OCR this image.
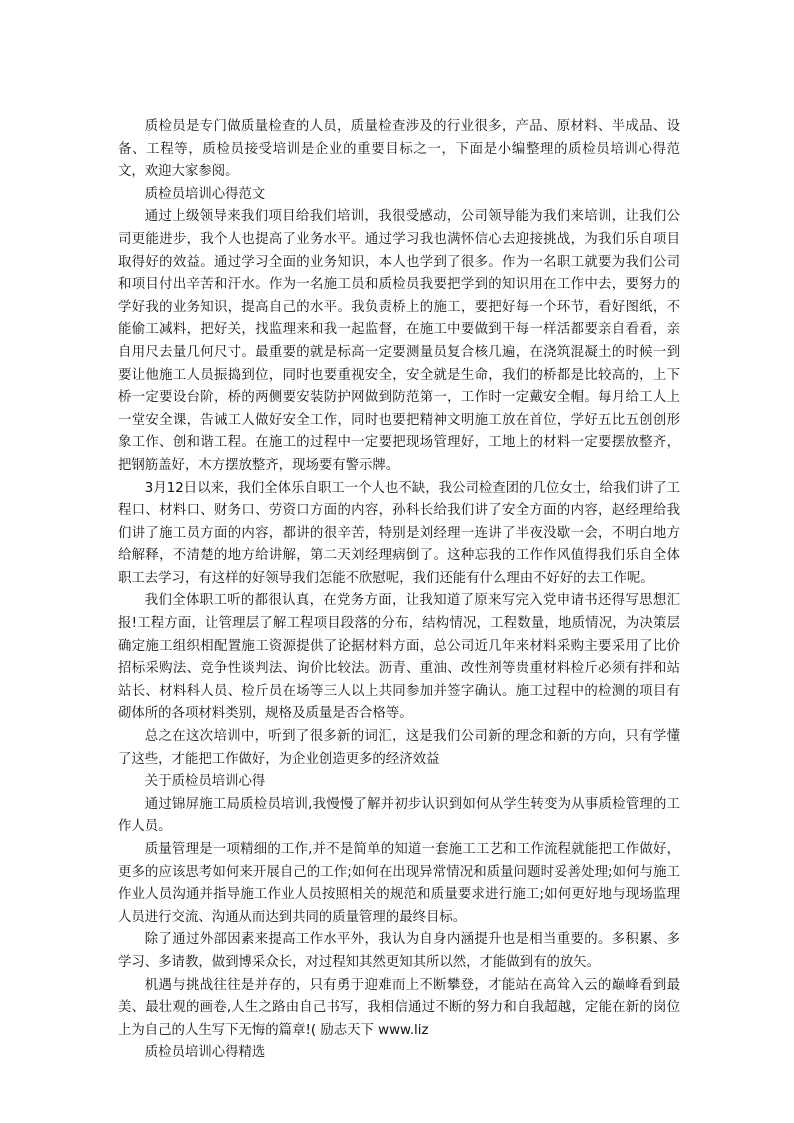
质检员是专门做质量检查的人员，质量检查涉及的行业很多，产品、原材料、半成品、设备、工程等，质检员接受培训是企业的重要目标之一，下面是小编整理的质检员培训心得范文，欢迎大家参阅。

质检员培训心得范文

通过上级领导来我们项目给我们培训，我很受感动，公司领导能为我们来培训，让我们公司更能进步，我个人也提高了业务水平。通过学习我也满怀信心去迎接挑战，为我们乐自项目取得好的效益。通过学习全面的业务知识，本人也学到了很多。作为一名职工就要为我们公司和项目付出辛苦和汗水。作为一名施工员和质检员我要把学到的知识用在工作中去，要努力的学好我的业务知识，提高自己的水平。我负责桥上的施工，要把好每一个环节，看好图纸，不能偷工减料，把好关，找监理来和我一起监督，在施工中要做到干每一样活都要亲自看看，亲自用尺去量几何尺寸。最重要的就是标高一定要测量员复合核几遍，在浇筑混凝土的时候一到要让他施工人员振捣到位，同时也要重视安全，安全就是生命，我们的桥都是比较高的，上下桥一定要设台阶，桥的两侧要安装防护网做到防范第一，工作时一定戴安全帽。每月给工人上一堂安全课，告诫工人做好安全工作，同时也要把精神文明施工放在首位，学好五比五创创形象工作、创和谐工程。在施工的过程中一定要把现场管理好，工地上的材料一定要摆放整齐，把钢筋盖好，木方摆放整齐，现场要有警示牌。

3月12日以来，我们全体乐自职工一个人也不缺，我公司检查团的几位女士，给我们讲了工程口、材料口、财务口、劳资口方面的内容，孙科长给我们讲了安全方面的内容，赵经理给我们讲了施工员方面的内容，都讲的很辛苦，特别是刘经理一连讲了半夜没歇一会，不明白地方给解释，不清楚的地方给讲解，第二天刘经理病倒了。这种忘我的工作作风值得我们乐自全体职工去学习，有这样的好领导我们怎能不欣慰呢，我们还能有什么理由不好好的去工作呢。

我们全体职工听的都很认真，在党务方面，让我知道了原来写完入党申请书还得写思想汇报!工程方面，让管理层了解工程项目段落的分布，结构情况，工程数量，地质情况，为决策层确定施工组织相配置施工资源提供了论据材料方面，总公司近几年来材料采购主要采用了比价招标采购法、竞争性谈判法、询价比较法。沥青、重油、改性剂等贵重材料检斤必须有拌和站站长、材料科人员、检斤员在场等三人以上共同参加并签字确认。施工过程中的检测的项目有砌体所的各项材料类别，规格及质量是否合格等。

总之在这次培训中，听到了很多新的词汇，这是我们公司新的理念和新的方向，只有学懂了这些，才能把工作做好，为企业创造更多的经济效益

关于质检员培训心得

通过锦屏施工局质检员培训,我慢慢了解并初步认识到如何从学生转变为从事质检管理的工作人员。

质量管理是一项精细的工作,并不是简单的知道一套施工工艺和工作流程就能把工作做好，更多的应该思考如何来开展自己的工作;如何在出现异常情况和质量问题时妥善处理;如何与施工作业人员沟通并指导施工作业人员按照相关的规范和质量要求进行施工;如何更好地与现场监理人员进行交流、沟通从而达到共同的质量管理的最终目标。

除了通过外部因素来提高工作水平外，我认为自身内涵提升也是相当重要的。多积累、多学习、多请教，做到博采众长，对过程知其然更知其所以然，才能做到有的放矢。

机遇与挑战往往是并存的，只有勇于迎难而上不断攀登，才能站在高耸入云的巅峰看到最美、最壮观的画卷,人生之路由自己书写，我相信通过不断的努力和自我超越，定能在新的岗位上为自己的人生写下无悔的篇章!( 励志天下 www.liz

质检员培训心得精选
